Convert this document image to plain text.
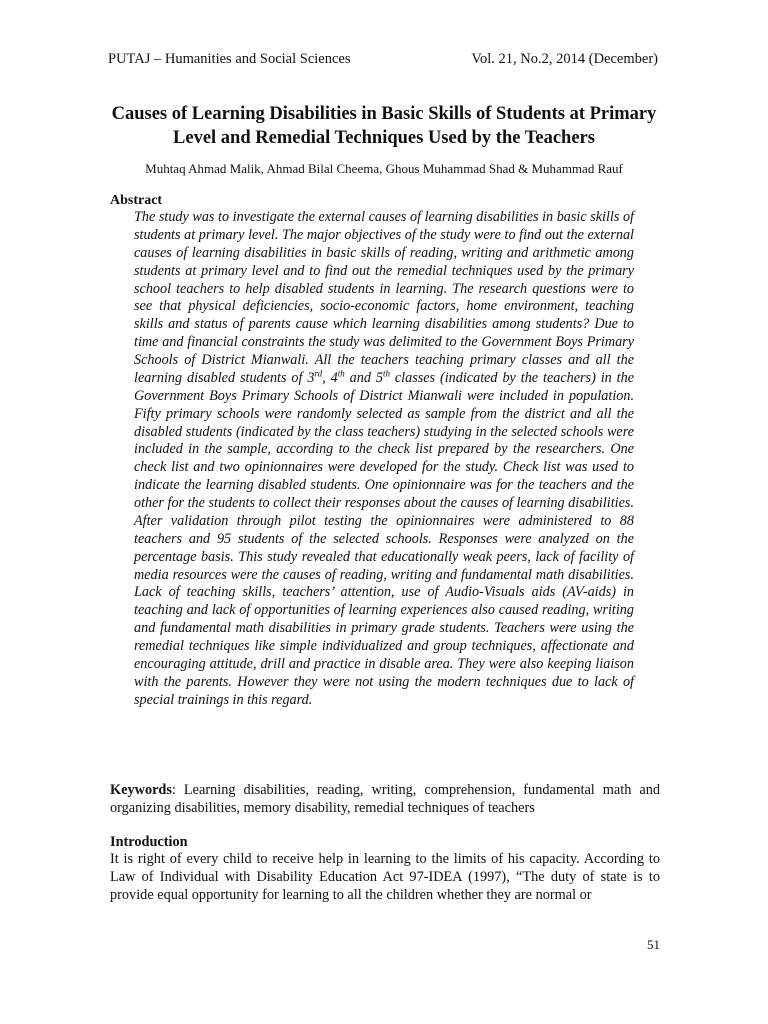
PUTAJ – Humanities and Social Sciences	Vol. 21, No.2, 2014 (December)
Causes of Learning Disabilities in Basic Skills of Students at Primary Level and Remedial Techniques Used by the Teachers
Muhtaq Ahmad Malik, Ahmad Bilal Cheema, Ghous Muhammad Shad & Muhammad Rauf
Abstract
The study was to investigate the external causes of learning disabilities in basic skills of students at primary level. The major objectives of the study were to find out the external causes of learning disabilities in basic skills of reading, writing and arithmetic among students at primary level and to find out the remedial techniques used by the primary school teachers to help disabled students in learning. The research questions were to see that physical deficiencies, socio-economic factors, home environment, teaching skills and status of parents cause which learning disabilities among students? Due to time and financial constraints the study was delimited to the Government Boys Primary Schools of District Mianwali. All the teachers teaching primary classes and all the learning disabled students of 3rd, 4th and 5th classes (indicated by the teachers) in the Government Boys Primary Schools of District Mianwali were included in population. Fifty primary schools were randomly selected as sample from the district and all the disabled students (indicated by the class teachers) studying in the selected schools were included in the sample, according to the check list prepared by the researchers. One check list and two opinionnaires were developed for the study. Check list was used to indicate the learning disabled students. One opinionnaire was for the teachers and the other for the students to collect their responses about the causes of learning disabilities. After validation through pilot testing the opinionnaires were administered to 88 teachers and 95 students of the selected schools. Responses were analyzed on the percentage basis. This study revealed that educationally weak peers, lack of facility of media resources were the causes of reading, writing and fundamental math disabilities. Lack of teaching skills, teachers’ attention, use of Audio-Visuals aids (AV-aids) in teaching and lack of opportunities of learning experiences also caused reading, writing and fundamental math disabilities in primary grade students. Teachers were using the remedial techniques like simple individualized and group techniques, affectionate and encouraging attitude, drill and practice in disable area. They were also keeping liaison with the parents. However they were not using the modern techniques due to lack of special trainings in this regard.
Keywords: Learning disabilities, reading, writing, comprehension, fundamental math and organizing disabilities, memory disability, remedial techniques of teachers
Introduction
It is right of every child to receive help in learning to the limits of his capacity. According to Law of Individual with Disability Education Act 97-IDEA (1997), “The duty of state is to provide equal opportunity for learning to all the children whether they are normal or
51
